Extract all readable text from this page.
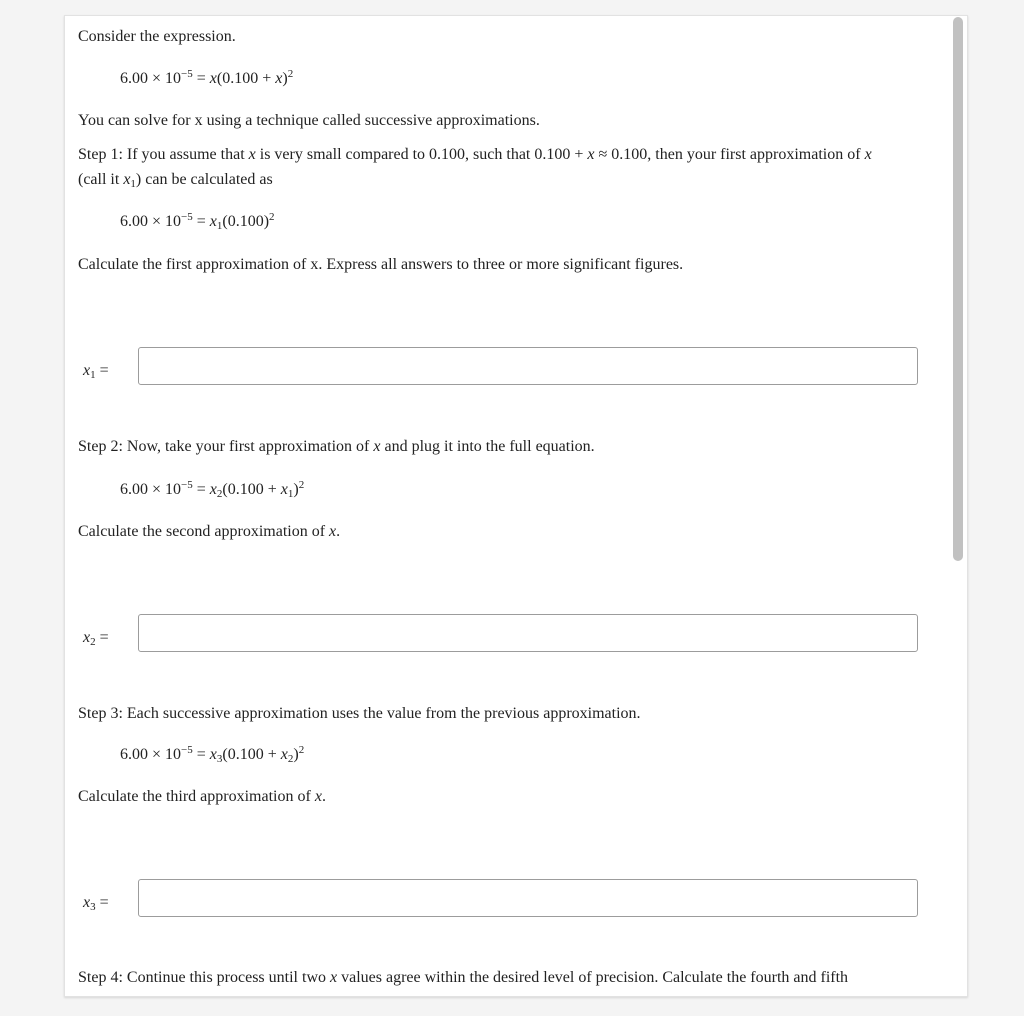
Consider the expression.
$6.00 \times 10^{-5} = x(0.100 + x)^2$
You can solve for x using a technique called successive approximations.
Step 1: If you assume that x is very small compared to 0.100, such that 0.100 + x ≈ 0.100, then your first approximation of x
(call it $x_1$) can be calculated as
$6.00 \times 10^{-5} = x_1(0.100)^2$
Calculate the first approximation of x. Express all answers to three or more significant figures.
$x_1$ =
Step 2: Now, take your first approximation of x and plug it into the full equation.
$6.00 \times 10^{-5} = x_2(0.100 + x_1)^2$
Calculate the second approximation of x.
$x_2$ =
Step 3: Each successive approximation uses the value from the previous approximation.
$6.00 \times 10^{-5} = x_3(0.100 + x_2)^2$
Calculate the third approximation of x.
$x_3$ =
Step 4: Continue this process until two x values agree within the desired level of precision. Calculate the fourth and fifth
